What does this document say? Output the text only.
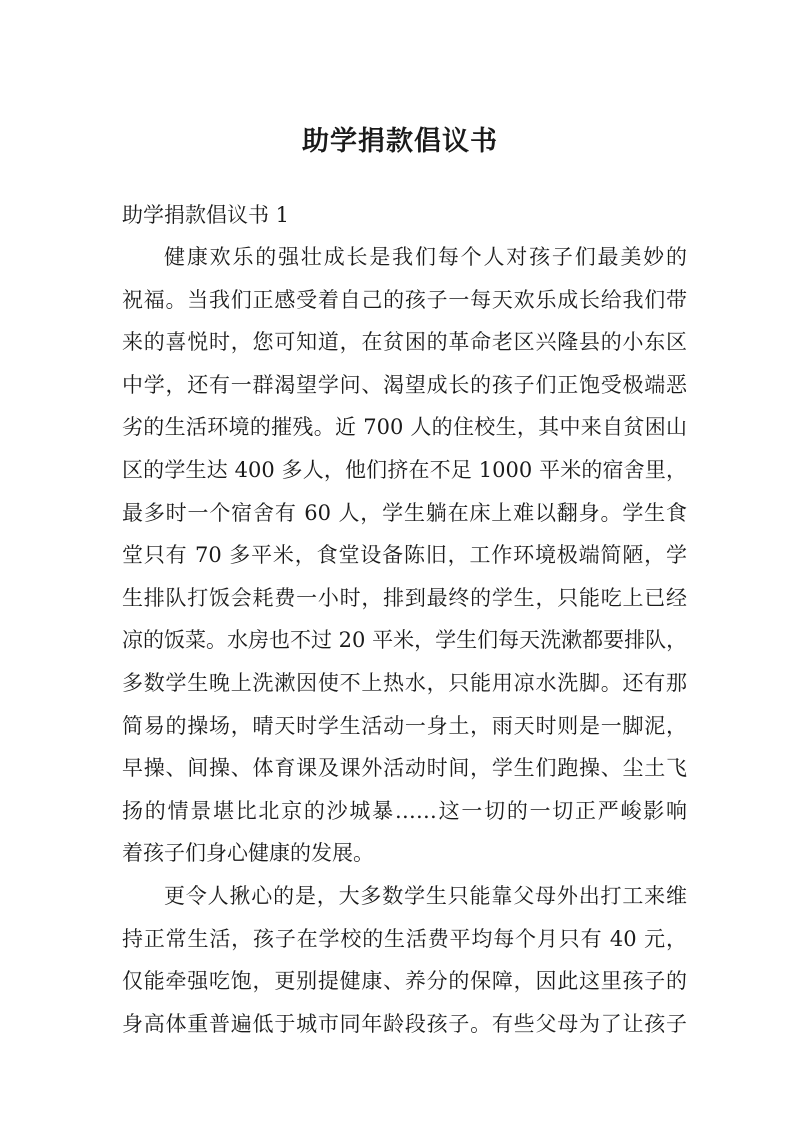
助学捐款倡议书
助学捐款倡议书 1
健康欢乐的强壮成长是我们每个人对孩子们最美妙的
祝福。当我们正感受着自己的孩子一每天欢乐成长给我们带
来的喜悦时，您可知道，在贫困的革命老区兴隆县的小东区
中学，还有一群渴望学问、渴望成长的孩子们正饱受极端恶
劣的生活环境的摧残。近 700 人的住校生，其中来自贫困山
区的学生达 400 多人，他们挤在不足 1000 平米的宿舍里，
最多时一个宿舍有 60 人，学生躺在床上难以翻身。学生食
堂只有 70 多平米，食堂设备陈旧，工作环境极端简陋，学
生排队打饭会耗费一小时，排到最终的学生，只能吃上已经
凉的饭菜。水房也不过 20 平米，学生们每天洗漱都要排队，
多数学生晚上洗漱因使不上热水，只能用凉水洗脚。还有那
简易的操场，晴天时学生活动一身土，雨天时则是一脚泥，
早操、间操、体育课及课外活动时间，学生们跑操、尘土飞
扬的情景堪比北京的沙城暴……这一切的一切正严峻影响
着孩子们身心健康的发展。
更令人揪心的是，大多数学生只能靠父母外出打工来维
持正常生活，孩子在学校的生活费平均每个月只有 40 元，
仅能牵强吃饱，更别提健康、养分的保障，因此这里孩子的
身高体重普遍低于城市同年龄段孩子。有些父母为了让孩子
